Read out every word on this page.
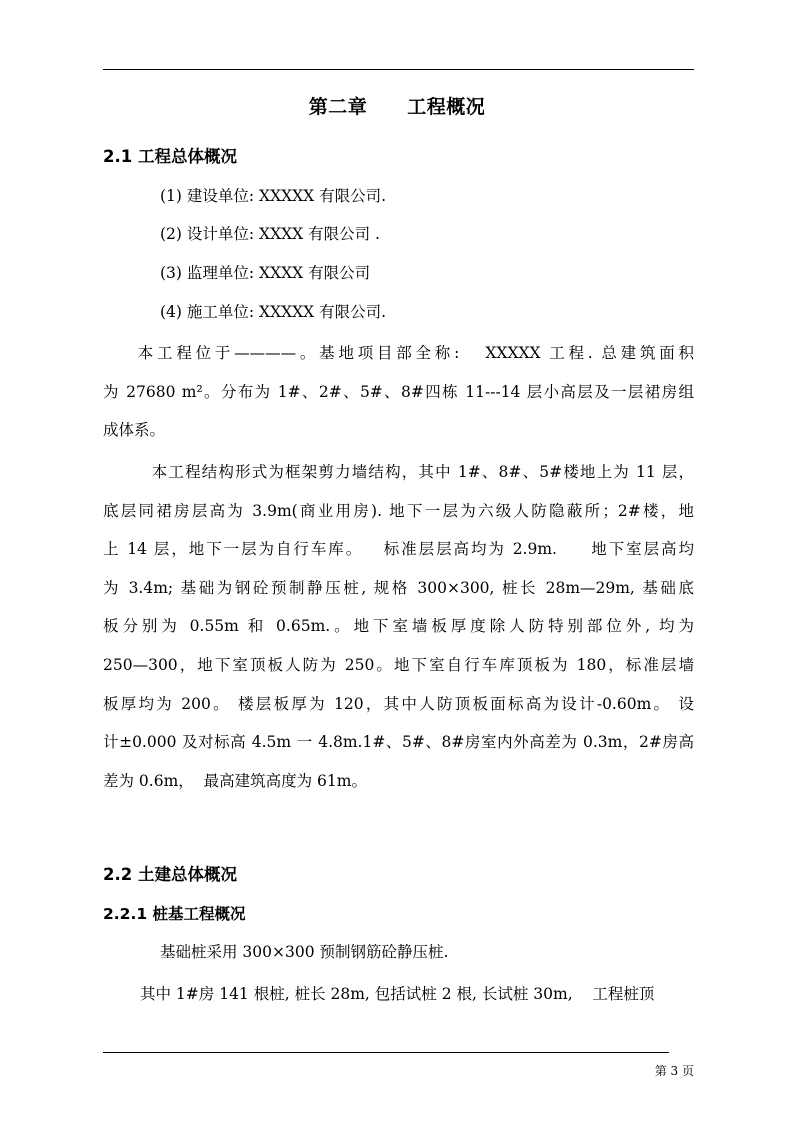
第二章 工程概况
2.1 工程总体概况
(1) 建设单位: XXXXX 有限公司.
(2) 设计单位: XXXX 有限公司 .
(3) 监理单位: XXXX 有限公司
(4) 施工单位: XXXXX 有限公司.
本工程位于————。基地项目部全称:   XXXXX 工程. 总建筑面积
为 27680 m²。分布为 1#、2#、5#、8#四栋 11---14 层小高层及一层裙房组
成体系。
本工程结构形式为框架剪力墙结构，其中 1#、8#、5#楼地上为 11 层，
底层同裙房层高为 3.9m(商业用房). 地下一层为六级人防隐蔽所；2#楼，地
上 14 层，地下一层为自行车库。   标准层层高均为 2.9m.     地下室层高均
为 3.4m; 基础为钢砼预制静压桩, 规格 300×300, 桩长 28m—29m, 基础底
板分别为 0.55m 和 0.65m.。地下室墙板厚度除人防特别部位外, 均为
250—300，地下室顶板人防为 250。地下室自行车库顶板为 180，标准层墙
板厚均为 200。 楼层板厚为 120，其中人防顶板面标高为设计-0.60m。 设
计±0.000 及对标高 4.5m 一 4.8m.1#、5#、8#房室内外高差为 0.3m，2#房高
差为 0.6m，  最高建筑高度为 61m。
2.2 土建总体概况
2.2.1 桩基工程概况
基础桩采用 300×300 预制钢筋砼静压桩.
其中 1#房 141 根桩, 桩长 28m, 包括试桩 2 根, 长试桩 30m,    工程桩顶
第 3 页
